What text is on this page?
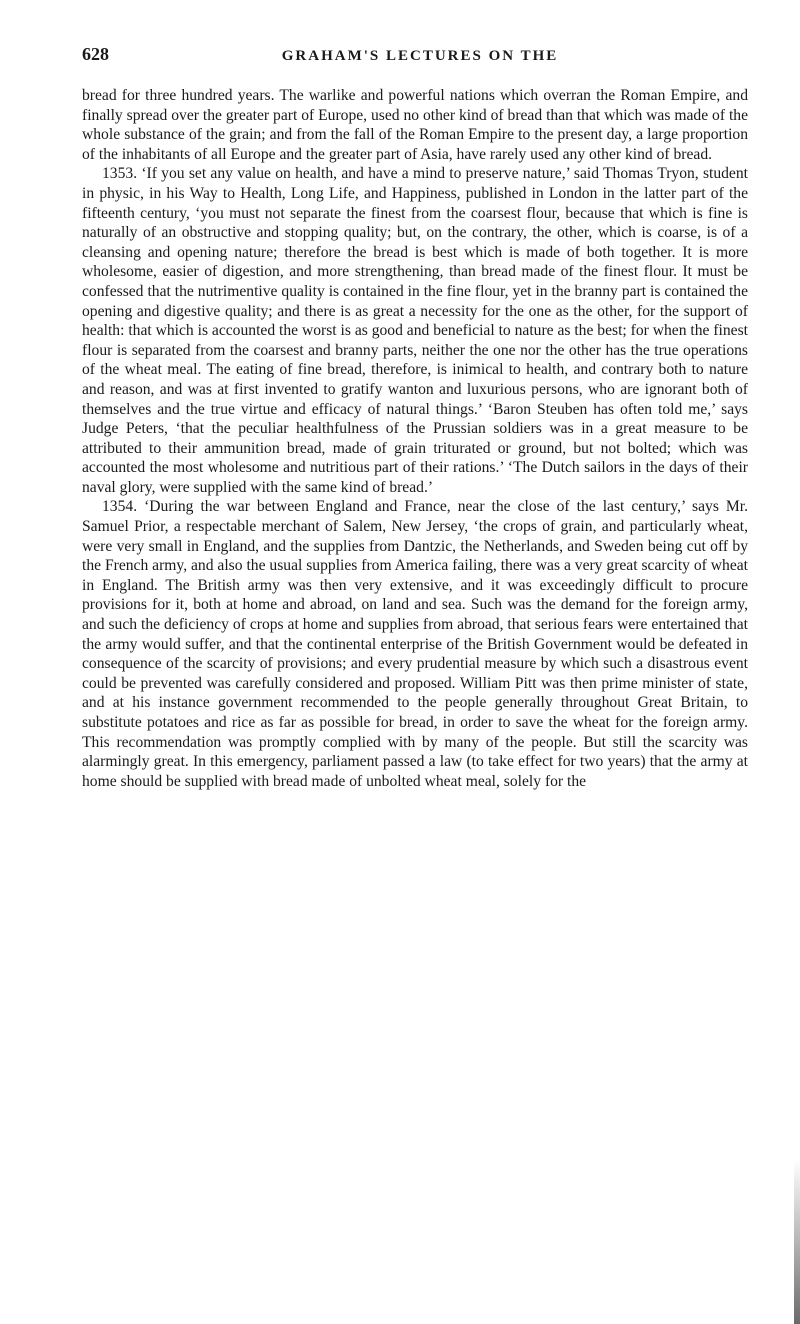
628	GRAHAM'S LECTURES ON THE

bread for three hundred years. The warlike and powerful nations which overran the Roman Empire, and finally spread over the greater part of Europe, used no other kind of bread than that which was made of the whole substance of the grain; and from the fall of the Roman Empire to the present day, a large proportion of the inhabitants of all Europe and the greater part of Asia, have rarely used any other kind of bread.

1353. ‘If you set any value on health, and have a mind to preserve nature,’ said Thomas Tryon, student in physic, in his Way to Health, Long Life, and Happiness, published in London in the latter part of the fifteenth century, ‘you must not separate the finest from the coarsest flour, because that which is fine is naturally of an obstructive and stopping quality; but, on the contrary, the other, which is coarse, is of a cleansing and opening nature; therefore the bread is best which is made of both together. It is more wholesome, easier of digestion, and more strengthening, than bread made of the finest flour. It must be confessed that the nutrimentive quality is contained in the fine flour, yet in the branny part is contained the opening and digestive quality; and there is as great a necessity for the one as the other, for the support of health: that which is accounted the worst is as good and beneficial to nature as the best; for when the finest flour is separated from the coarsest and branny parts, neither the one nor the other has the true operations of the wheat meal. The eating of fine bread, therefore, is inimical to health, and contrary both to nature and reason, and was at first invented to gratify wanton and luxurious persons, who are ignorant both of themselves and the true virtue and efficacy of natural things.’ ‘Baron Steuben has often told me,’ says Judge Peters, ‘that the peculiar healthfulness of the Prussian soldiers was in a great measure to be attributed to their ammunition bread, made of grain triturated or ground, but not bolted; which was accounted the most wholesome and nutritious part of their rations.’ ‘The Dutch sailors in the days of their naval glory, were supplied with the same kind of bread.’

1354. ‘During the war between England and France, near the close of the last century,’ says Mr. Samuel Prior, a respectable merchant of Salem, New Jersey, ‘the crops of grain, and particularly wheat, were very small in England, and the supplies from Dantzic, the Netherlands, and Sweden being cut off by the French army, and also the usual supplies from America failing, there was a very great scarcity of wheat in England. The British army was then very extensive, and it was exceedingly difficult to procure provisions for it, both at home and abroad, on land and sea. Such was the demand for the foreign army, and such the deficiency of crops at home and supplies from abroad, that serious fears were entertained that the army would suffer, and that the continental enterprise of the British Government would be defeated in consequence of the scarcity of provisions; and every prudential measure by which such a disastrous event could be prevented was carefully considered and proposed. William Pitt was then prime minister of state, and at his instance government recommended to the people generally throughout Great Britain, to substitute potatoes and rice as far as possible for bread, in order to save the wheat for the foreign army. This recommendation was promptly complied with by many of the people. But still the scarcity was alarmingly great. In this emergency, parliament passed a law (to take effect for two years) that the army at home should be supplied with bread made of unbolted wheat meal, solely for the
